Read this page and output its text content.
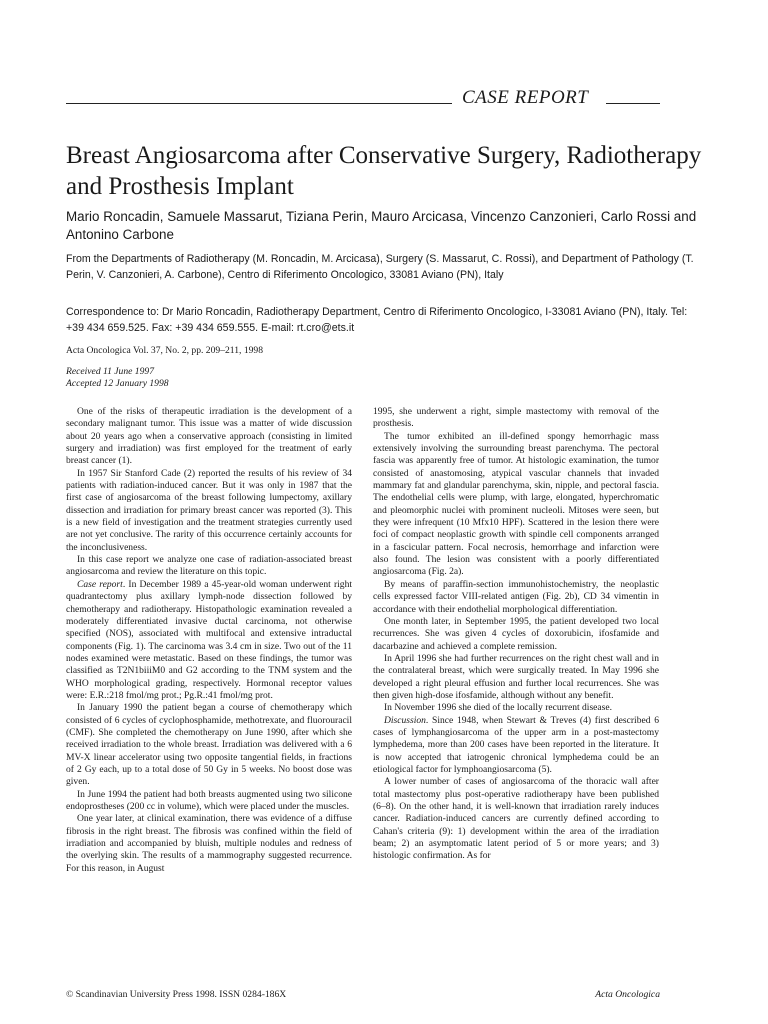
CASE REPORT
Breast Angiosarcoma after Conservative Surgery, Radiotherapy and Prosthesis Implant
Mario Roncadin, Samuele Massarut, Tiziana Perin, Mauro Arcicasa, Vincenzo Canzonieri, Carlo Rossi and Antonino Carbone
From the Departments of Radiotherapy (M. Roncadin, M. Arcicasa), Surgery (S. Massarut, C. Rossi), and Department of Pathology (T. Perin, V. Canzonieri, A. Carbone), Centro di Riferimento Oncologico, 33081 Aviano (PN), Italy
Correspondence to: Dr Mario Roncadin, Radiotherapy Department, Centro di Riferimento Oncologico, I-33081 Aviano (PN), Italy. Tel: +39 434 659.525. Fax: +39 434 659.555. E-mail: rt.cro@ets.it
Acta Oncologica Vol. 37, No. 2, pp. 209–211, 1998
Received 11 June 1997
Accepted 12 January 1998

One of the risks of therapeutic irradiation is the development of a secondary malignant tumor. This issue was a matter of wide discussion about 20 years ago when a conservative approach (consisting in limited surgery and irradiation) was first employed for the treatment of early breast cancer (1).

In 1957 Sir Stanford Cade (2) reported the results of his review of 34 patients with radiation-induced cancer. But it was only in 1987 that the first case of angiosarcoma of the breast following lumpectomy, axillary dissection and irradiation for primary breast cancer was reported (3). This is a new field of investigation and the treatment strategies currently used are not yet conclusive. The rarity of this occurrence certainly accounts for the inconclusiveness.

In this case report we analyze one case of radiation-associated breast angiosarcoma and review the literature on this topic.

Case report. In December 1989 a 45-year-old woman underwent right quadrantectomy plus axillary lymph-node dissection followed by chemotherapy and radiotherapy. Histopathologic examination revealed a moderately differentiated invasive ductal carcinoma, not otherwise specified (NOS), associated with multifocal and extensive intraductal components (Fig. 1). The carcinoma was 3.4 cm in size. Two out of the 11 nodes examined were metastatic. Based on these findings, the tumor was classified as T2N1biiiM0 and G2 according to the TNM system and the WHO morphological grading, respectively. Hormonal receptor values were: E.R.:218 fmol/mg prot.; Pg.R.:41 fmol/mg prot.

In January 1990 the patient began a course of chemotherapy which consisted of 6 cycles of cyclophosphamide, methotrexate, and fluorouracil (CMF). She completed the chemotherapy on June 1990, after which she received irradiation to the whole breast. Irradiation was delivered with a 6 MV-X linear accelerator using two opposite tangential fields, in fractions of 2 Gy each, up to a total dose of 50 Gy in 5 weeks. No boost dose was given.

In June 1994 the patient had both breasts augmented using two silicone endoprostheses (200 cc in volume), which were placed under the muscles.

One year later, at clinical examination, there was evidence of a diffuse fibrosis in the right breast. The fibrosis was confined within the field of irradiation and accompanied by bluish, multiple nodules and redness of the overlying skin. The results of a mammography suggested recurrence. For this reason, in August

1995, she underwent a right, simple mastectomy with removal of the prosthesis.

The tumor exhibited an ill-defined spongy hemorrhagic mass extensively involving the surrounding breast parenchyma. The pectoral fascia was apparently free of tumor. At histologic examination, the tumor consisted of anastomosing, atypical vascular channels that invaded mammary fat and glandular parenchyma, skin, nipple, and pectoral fascia. The endothelial cells were plump, with large, elongated, hyperchromatic and pleomorphic nuclei with prominent nucleoli. Mitoses were seen, but they were infrequent (10 Mfx10 HPF). Scattered in the lesion there were foci of compact neoplastic growth with spindle cell components arranged in a fascicular pattern. Focal necrosis, hemorrhage and infarction were also found. The lesion was consistent with a poorly differentiated angiosarcoma (Fig. 2a).

By means of paraffin-section immunohistochemistry, the neoplastic cells expressed factor VIII-related antigen (Fig. 2b), CD 34 vimentin in accordance with their endothelial morphological differentiation.

One month later, in September 1995, the patient developed two local recurrences. She was given 4 cycles of doxorubicin, ifosfamide and dacarbazine and achieved a complete remission.

In April 1996 she had further recurrences on the right chest wall and in the contralateral breast, which were surgically treated. In May 1996 she developed a right pleural effusion and further local recurrences. She was then given high-dose ifosfamide, although without any benefit.

In November 1996 she died of the locally recurrent disease.

Discussion. Since 1948, when Stewart & Treves (4) first described 6 cases of lymphangiosarcoma of the upper arm in a post-mastectomy lymphedema, more than 200 cases have been reported in the literature. It is now accepted that iatrogenic chronical lymphedema could be an etiological factor for lymphoangiosarcoma (5).

A lower number of cases of angiosarcoma of the thoracic wall after total mastectomy plus post-operative radiotherapy have been published (6–8). On the other hand, it is well-known that irradiation rarely induces cancer. Radiation-induced cancers are currently defined according to Cahan's criteria (9): 1) development within the area of the irradiation beam; 2) an asymptomatic latent period of 5 or more years; and 3) histologic confirmation. As for

© Scandinavian University Press 1998. ISSN 0284-186X	Acta Oncologica
